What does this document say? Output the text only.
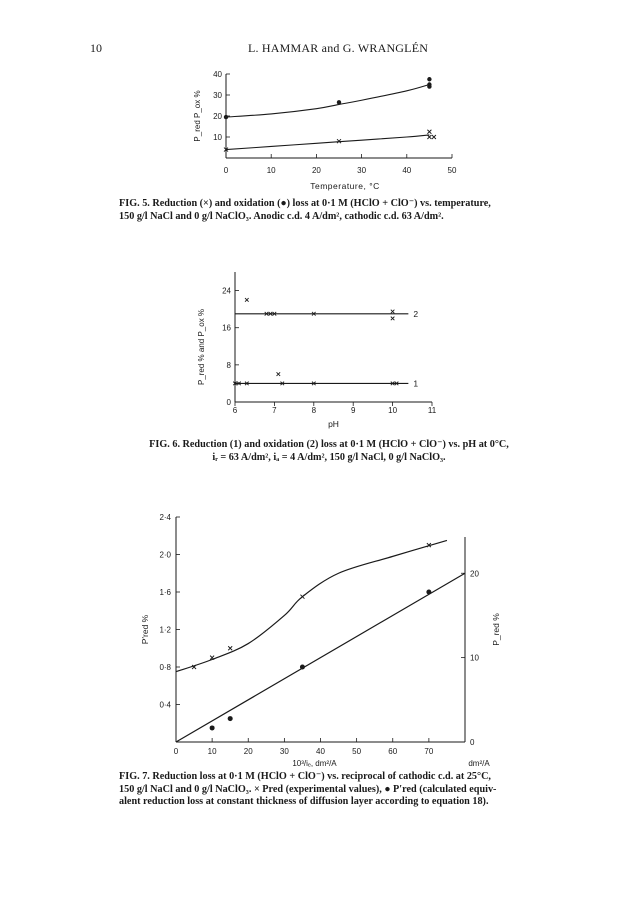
10	L. HAMMAR and G. WRANGLÉN
0	10	20	30	40	50
10
20
30
40
Temperature, °C
P_red P_ox %
FIG. 5. Reduction (×) and oxidation (●) loss at 0·1 M (HClO + ClO⁻) vs. temperature,
150 g/l NaCl and 0 g/l NaClO₃. Anodic c.d. 4 A/dm², cathodic c.d. 63 A/dm².
6	7	8	9	10	11
0
8
16
24
pH
P_red % and P_ox %	2
1
FIG. 6. Reduction (1) and oxidation (2) loss at 0·1 M (HClO + ClO⁻) vs. pH at 0°C,
iᵣ = 63 A/dm², iₐ = 4 A/dm², 150 g/l NaCl, 0 g/l NaClO₃.
0	10	20	30	40	50	60	70
0·4
0·8
1·2
1·6
2·0
2·4
0
10
20
10³/iₑ, dm²/A	dm²/A
P′red %	P_red %
FIG. 7. Reduction loss at 0·1 M (HClO + ClO⁻) vs. reciprocal of cathodic c.d. at 25°C,
150 g/l NaCl and 0 g/l NaClO₃. × Pred (experimental values), ● P′red (calculated equiv-
alent reduction loss at constant thickness of diffusion layer according to equation 18).
